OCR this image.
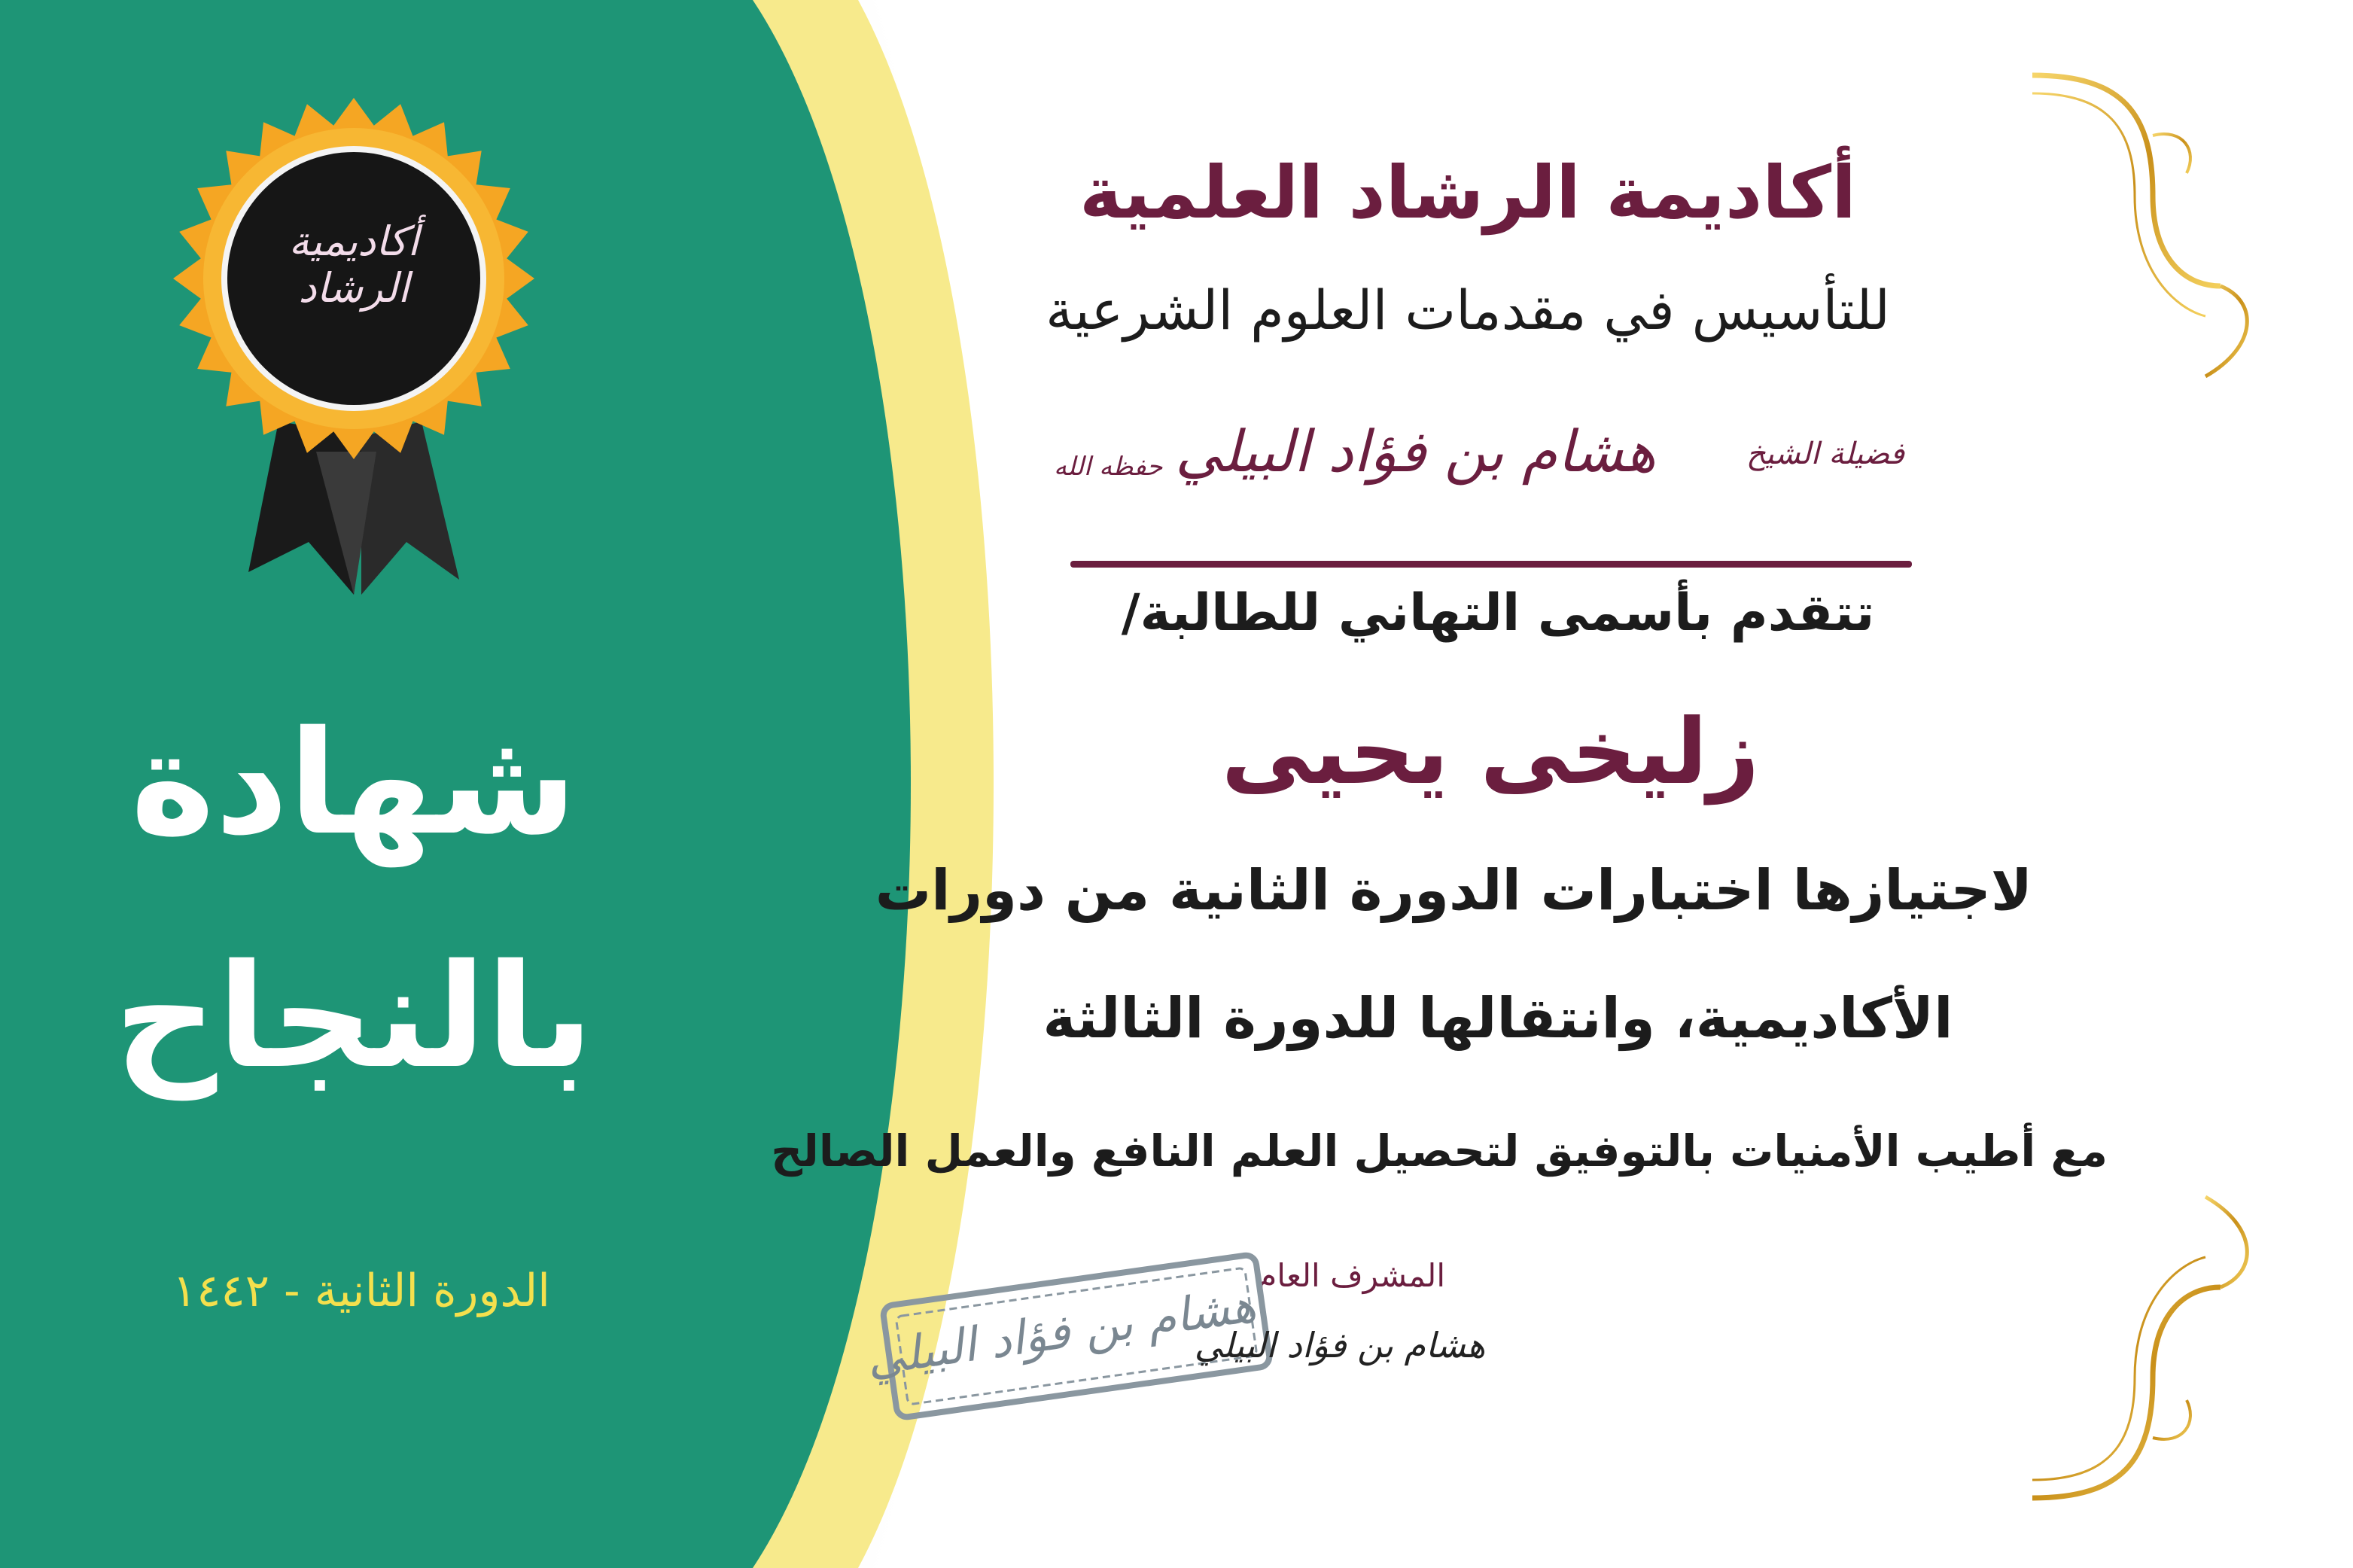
أكاديمية الرشاد
شهادة
بالنجاح
الدورة الثانية - ١٤٤٢
أكاديمة الرشاد العلمية
للتأسيس في مقدمات العلوم الشرعية
فضيلة الشيخ
هشام بن فؤاد البيلي
حفظه الله
تتقدم بأسمى التهاني للطالبة/
زليخى يحيى
لاجتيازها اختبارات الدورة الثانية من دورات
الأكاديمية، وانتقالها للدورة الثالثة
مع أطيب الأمنيات بالتوفيق لتحصيل العلم النافع والعمل الصالح
المشرف العام
هشام بن فؤاد البيلي
هشام بن فؤاد البيلي
